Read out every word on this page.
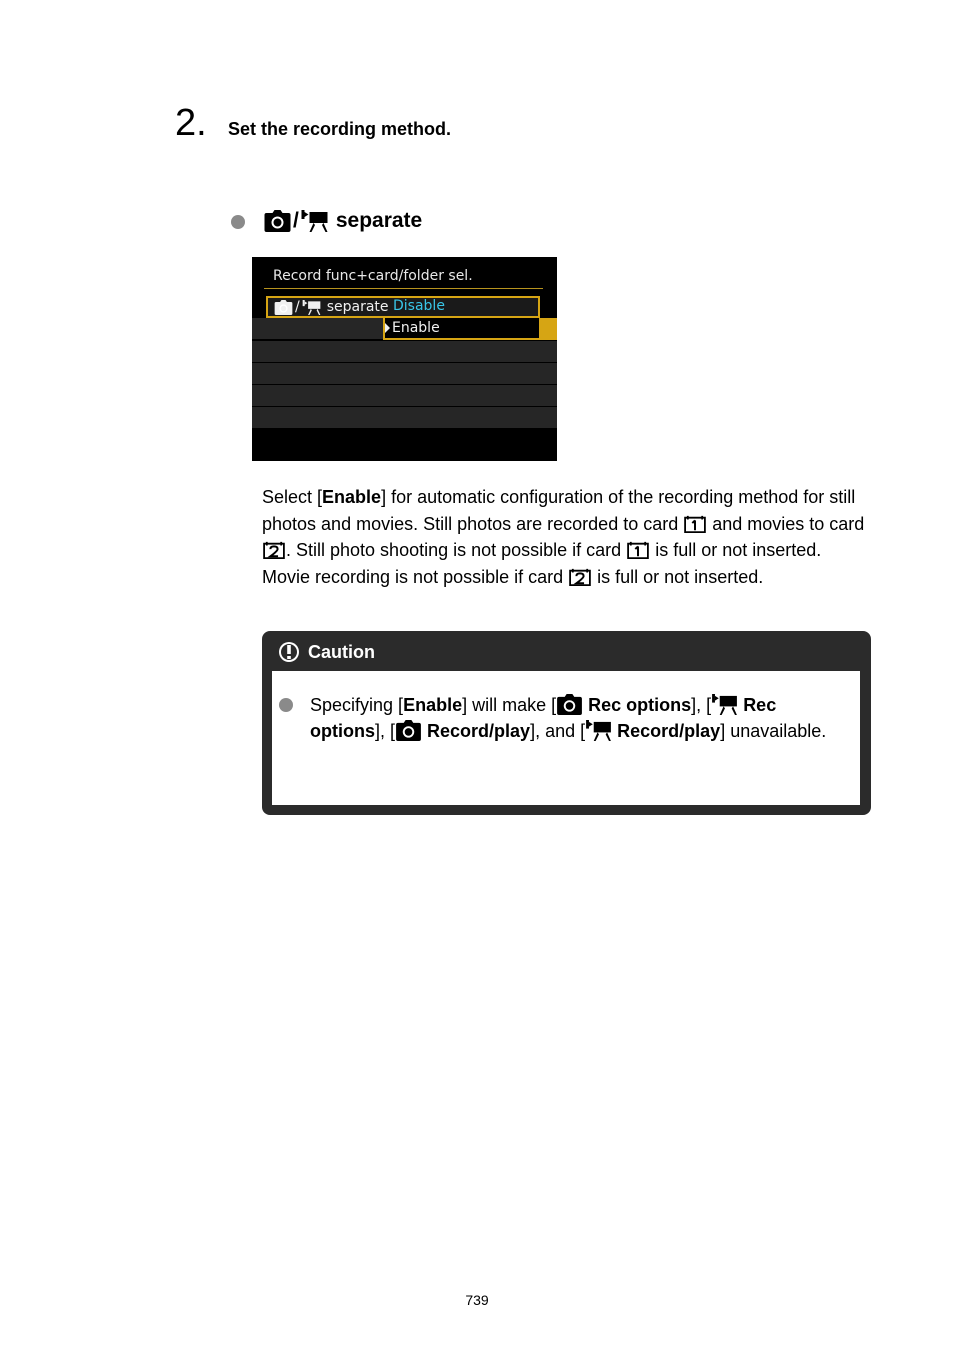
2. Set the recording method.
/ separate
Record func+card/folder sel.
/ separate Disable
Enable
Select [Enable] for automatic configuration of the recording method for still photos and movies. Still photos are recorded to card  and movies to card . Still photo shooting is not possible if card  is full or not inserted. Movie recording is not possible if card  is full or not inserted.
Caution
Specifying [Enable] will make [ Rec options], [ Rec options], [ Record/play], and [ Record/play] unavailable.
739
